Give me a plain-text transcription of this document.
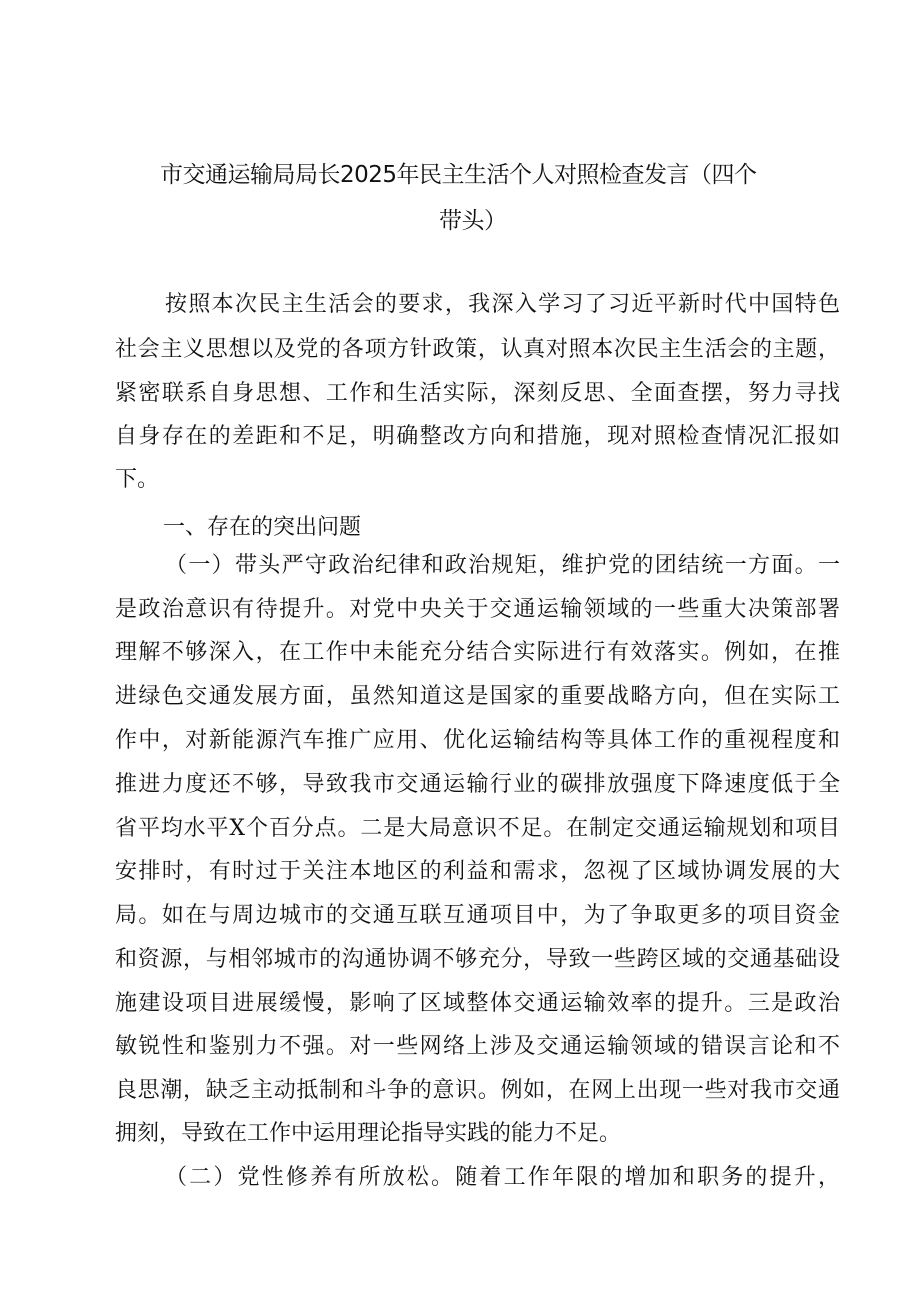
市交通运输局局长2025年民主生活个人对照检查发言（四个
带头）
按照本次民主生活会的要求，我深入学习了习近平新时代中国特色
社会主义思想以及党的各项方针政策，认真对照本次民主生活会的主题，
紧密联系自身思想、工作和生活实际，深刻反思、全面查摆，努力寻找
自身存在的差距和不足，明确整改方向和措施，现对照检查情况汇报如
下。
一、存在的突出问题
（一）带头严守政治纪律和政治规矩，维护党的团结统一方面。一
是政治意识有待提升。对党中央关于交通运输领域的一些重大决策部署
理解不够深入，在工作中未能充分结合实际进行有效落实。例如，在推
进绿色交通发展方面，虽然知道这是国家的重要战略方向，但在实际工
作中，对新能源汽车推广应用、优化运输结构等具体工作的重视程度和
推进力度还不够，导致我市交通运输行业的碳排放强度下降速度低于全
省平均水平X个百分点。二是大局意识不足。在制定交通运输规划和项目
安排时，有时过于关注本地区的利益和需求，忽视了区域协调发展的大
局。如在与周边城市的交通互联互通项目中，为了争取更多的项目资金
和资源，与相邻城市的沟通协调不够充分，导致一些跨区域的交通基础设
施建设项目进展缓慢，影响了区域整体交通运输效率的提升。三是政治
敏锐性和鉴别力不强。对一些网络上涉及交通运输领域的错误言论和不
良思潮，缺乏主动抵制和斗争的意识。例如，在网上出现一些对我市交通
拥刻，导致在工作中运用理论指导实践的能力不足。
（二）党性修养有所放松。随着工作年限的增加和职务的提升，
